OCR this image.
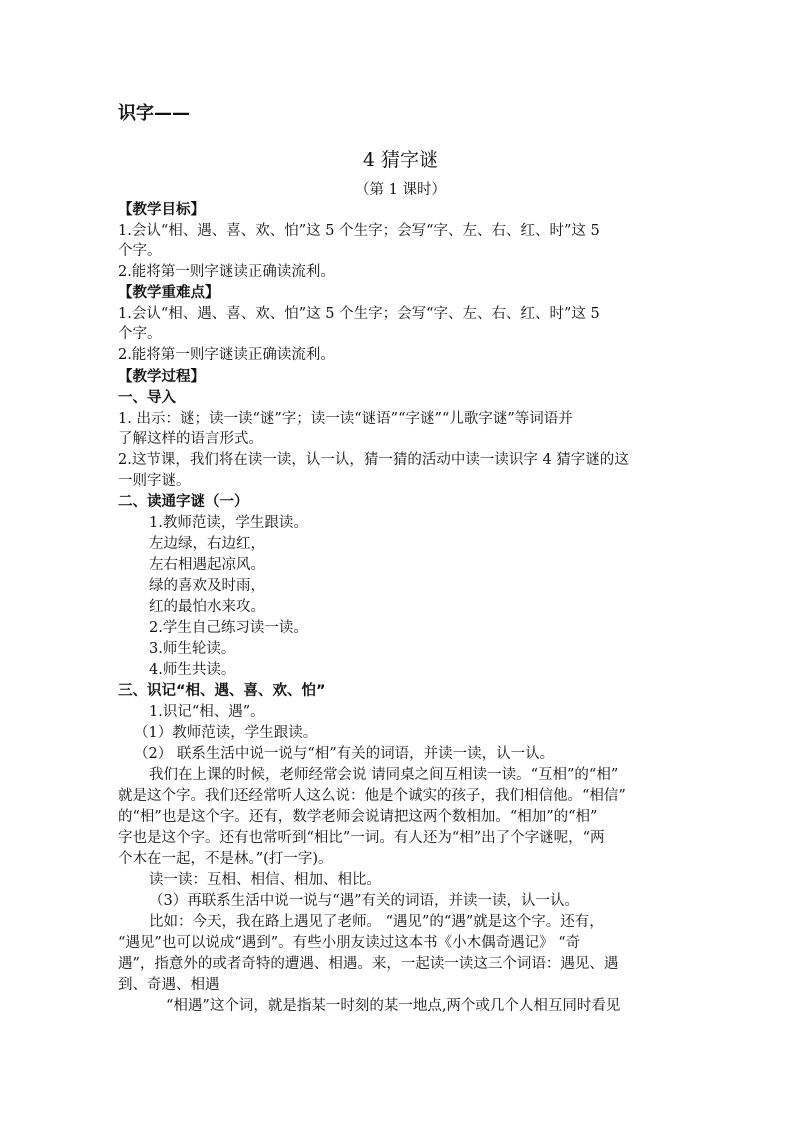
识字——
4 猜字谜
（第 1 课时）
【教学目标】
1.会认“相、遇、喜、欢、怕”这 5 个生字；会写“字、左、右、红、时”这 5
个字。
2.能将第一则字谜读正确读流利。
【教学重难点】
1.会认“相、遇、喜、欢、怕”这 5 个生字；会写“字、左、右、红、时”这 5
个字。
2.能将第一则字谜读正确读流利。
【教学过程】
一、导入
1. 出示：谜；读一读“谜”字；读一读“谜语”“字谜”“儿歌字谜”等词语并
了解这样的语言形式。
2.这节课，我们将在读一读，认一认，猜一猜的活动中读一读识字 4 猜字谜的这
一则字谜。
二、读通字谜（一）
1.教师范读，学生跟读。
左边绿，右边红，
左右相遇起凉风。
绿的喜欢及时雨，
红的最怕水来攻。
2.学生自己练习读一读。
3.师生轮读。
4.师生共读。
三、识记“相、遇、喜、欢、怕”
1.识记“相、遇”。
（1）教师范读，学生跟读。
（2） 联系生活中说一说与“相”有关的词语，并读一读，认一认。
我们在上课的时候，老师经常会说 请同桌之间互相读一读。“互相”的“相”
就是这个字。我们还经常听人这么说：他是个诚实的孩子，我们相信他。“相信”
的“相”也是这个字。还有，数学老师会说请把这两个数相加。“相加”的“相”
字也是这个字。还有也常听到“相比”一词。有人还为“相”出了个字谜呢，“两
个木在一起，不是林。”(打一字)。
读一读：互相、相信、相加、相比。
（3）再联系生活中说一说与“遇”有关的词语，并读一读，认一认。
比如：今天，我在路上遇见了老师。 “遇见”的“遇”就是这个字。还有，
“遇见”也可以说成“遇到”。有些小朋友读过这本书《小木偶奇遇记》 “奇
遇”，指意外的或者奇特的遭遇、相遇。来，一起读一读这三个词语：遇见、遇
到、奇遇、相遇
“相遇”这个词，就是指某一时刻的某一地点,两个或几个人相互同时看见
